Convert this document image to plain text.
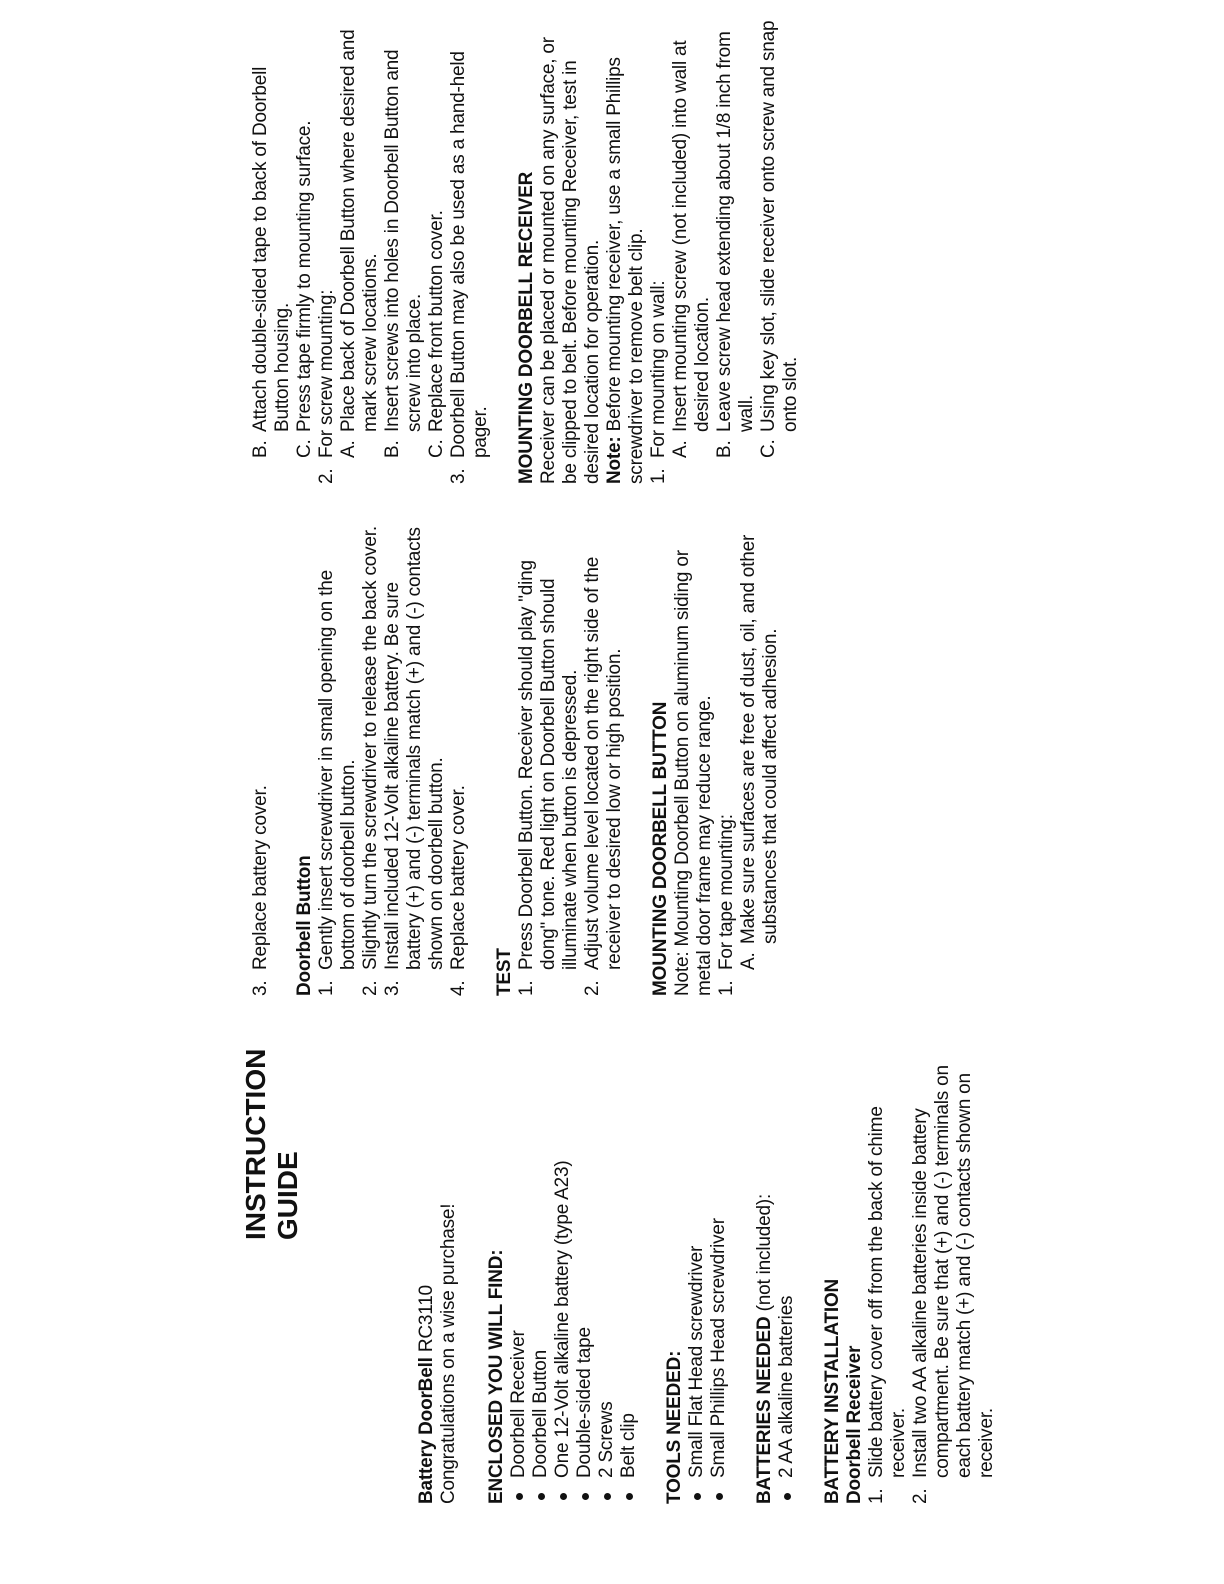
INSTRUCTION GUIDE

Battery DoorBell RC3110
Congratulations on a wise purchase! ENCLOSED YOU WILL FIND: Doorbell Receiver Doorbell Button One 12-Volt alkaline battery (type A23) Double-sided tape 2 Screws Belt clip TOOLS NEEDED: Small Flat Head screwdriver Small Phillips Head screwdriver BATTERIES NEEDED (not included):

2 AA alkaline batteries BATTERY INSTALLATION Doorbell Receiver 1.
Slide battery cover off from the back of chime receiver.
2.
Install two AA alkaline batteries inside battery compartment. Be sure that (+) and (-) terminals on each battery match (+) and (-) contacts shown on receiver.
3.
Replace battery cover. Doorbell Button 1.
Gently insert screwdriver in small opening on the bottom of doorbell button.
2.
Slightly turn the screwdriver to release the back cover.
3.
Install included 12-Volt alkaline battery. Be sure battery (+) and (-) terminals match (+) and (-) contacts shown on doorbell button.
4.
Replace battery cover.

TEST 1.
Press Doorbell Button. Receiver should play "ding dong" tone. Red light on Doorbell Button should illuminate when button is depressed.
2.
Adjust volume level located on the right side of the receiver to desired low or high position. MOUNTING DOORBELL BUTTON Note: Mounting Doorbell Button on aluminum siding or metal door frame may reduce range. 1.
For tape mounting: A.
Make sure surfaces are free of dust, oil, and other substances that could affect adhesion.
B.
Attach double-sided tape to back of Doorbell Button housing.
C.
Press tape firmly to mounting surface.
2.
For screw mounting: A.
Place back of Doorbell Button where desired and mark screw locations.
B.
Insert screws into holes in Doorbell Button and screw into place.
C.
Replace front button cover.
3.
Doorbell Button may also be used as a hand-held pager. MOUNTING DOORBELL RECEIVER Receiver can be placed or mounted on any surface, or be clipped to belt. Before mounting Receiver, test in desired location for operation. Note: Before mounting receiver, use a small Phillips screwdriver to remove belt clip. 1.
For mounting on wall: A.
Insert mounting screw (not included) into wall at desired location.
B.
Leave screw head extending about 1/8 inch from wall.
C.
Using key slot, slide receiver onto screw and snap onto slot.
